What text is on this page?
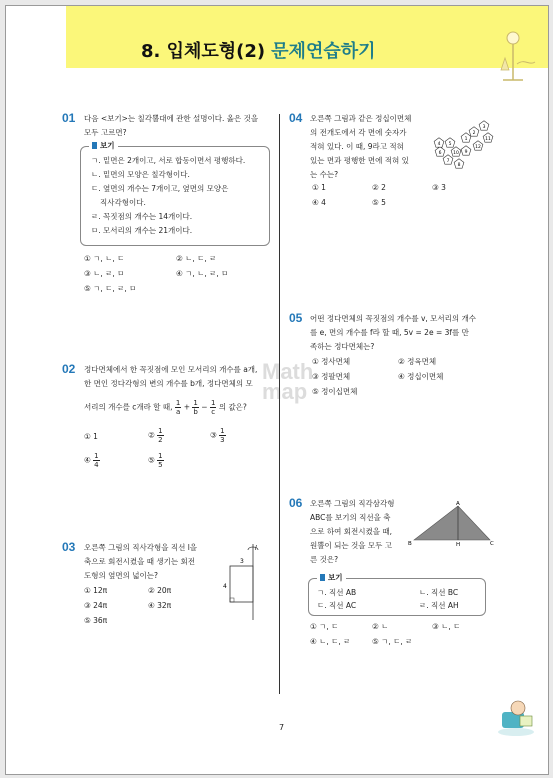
8. 입체도형(2) 문제연습하기
Math
map
01 다음 <보기>는 칠각뿔대에 관한 설명이다. 옳은 것을
모두 고르면?
보기
ㄱ. 밑면은 2개이고, 서로 합동이면서 평행하다.
ㄴ. 밑면의 모양은 칠각형이다.
ㄷ. 옆면의 개수는 7개이고, 옆면의 모양은
직사각형이다.
ㄹ. 꼭짓점의 개수는 14개이다.
ㅁ. 모서리의 개수는 21개이다.
① ㄱ, ㄴ, ㄷ	② ㄴ, ㄷ, ㄹ
③ ㄴ, ㄹ, ㅁ	④ ㄱ, ㄴ, ㄹ, ㅁ
⑤ ㄱ, ㄷ, ㄹ, ㅁ
02 정다면체에서 한 꼭짓점에 모인 모서리의 개수를 a개,
한 면인 정다각형의 변의 개수를 b개, 정다면체의 모
서리의 개수를 c개라 할 때, $\frac{1}{a} + \frac{1}{b} - \frac{1}{c}$ 의 값은?
① 1	② $\frac{1}{2}$	③ $\frac{1}{3}$
④ $\frac{1}{4}$	⑤ $\frac{1}{5}$
03 오른쪽 그림의 직사각형을 직선 l을
축으로 회전시켰을 때 생기는 회전
도형의 옆면의 넓이는?
① 12π	② 20π
③ 24π	④ 32π
⑤ 36π
l
3
4
04 오른쪽 그림과 같은 정십이면체
의 전개도에서 각 면에 숫자가
적혀 있다. 이 때, 9라고 적혀
있는 면과 평행한 면에 적혀 있
는 수는?
6
7
10
5
4
8
1
2
3
11
12
9
① 1	② 2	③ 3
④ 4	⑤ 5
05 어떤 정다면체의 꼭짓점의 개수를 v, 모서리의 개수
를 e, 면의 개수를 f라 할 때, 5v = 2e = 3f를 만
족하는 정다면체는?
① 정사면체	② 정육면체
③ 정팔면체	④ 정십이면체
⑤ 정이십면체
06 오른쪽 그림의 직각삼각형
ABC를 보기의 직선을 축
으로 하여 회전시켰을 때,
원뿔이 되는 것을 모두 고
른 것은?
A
B	H	C
보기
ㄱ. 직선 AB	ㄴ. 직선 BC
ㄷ. 직선 AC	ㄹ. 직선 AH
① ㄱ, ㄷ	② ㄴ	③ ㄴ, ㄷ
④ ㄴ, ㄷ, ㄹ	⑤ ㄱ, ㄷ, ㄹ
7
